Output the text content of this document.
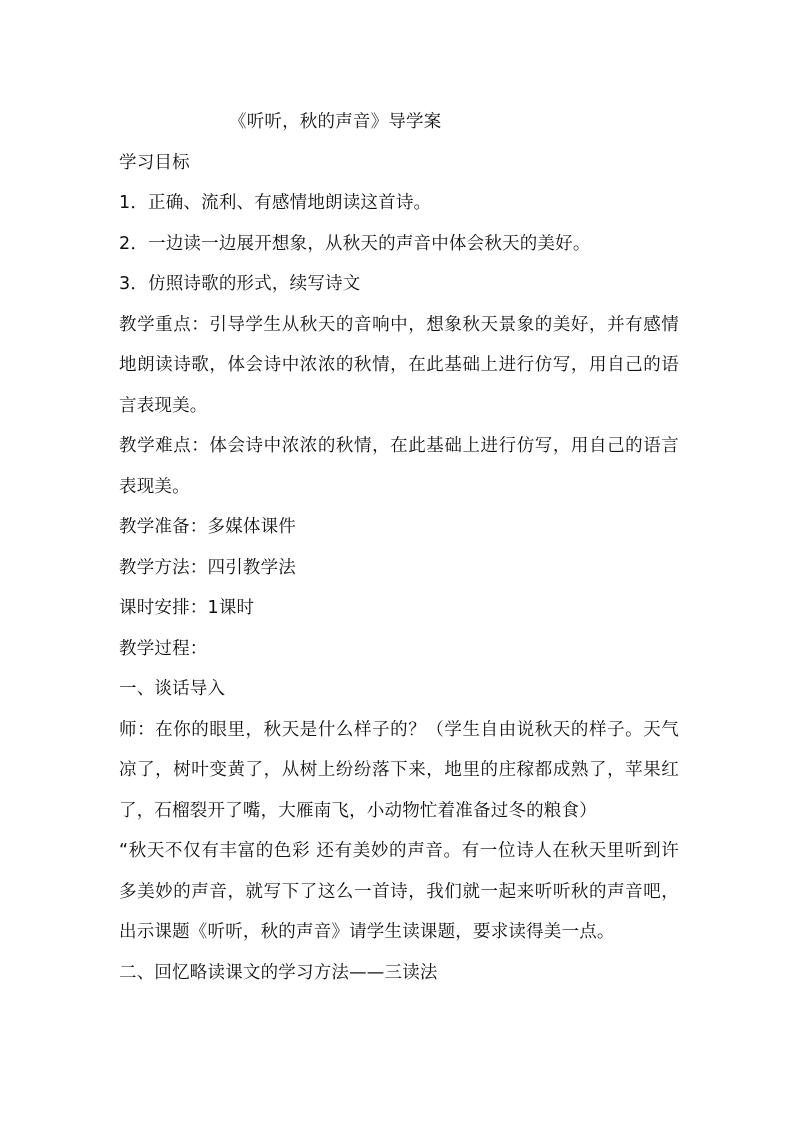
《听听，秋的声音》导学案
学习目标
1．正确、流利、有感情地朗读这首诗。
2．一边读一边展开想象，从秋天的声音中体会秋天的美好。
3．仿照诗歌的形式，续写诗文
教学重点：引导学生从秋天的音响中，想象秋天景象的美好，并有感情地朗读诗歌，体会诗中浓浓的秋情，在此基础上进行仿写，用自己的语言表现美。
教学难点：体会诗中浓浓的秋情，在此基础上进行仿写，用自己的语言表现美。
教学准备：多媒体课件
教学方法：四引教学法
课时安排：1课时
教学过程：
一、谈话导入
师：在你的眼里，秋天是什么样子的？（学生自由说秋天的样子。天气凉了，树叶变黄了，从树上纷纷落下来，地里的庄稼都成熟了，苹果红了，石榴裂开了嘴，大雁南飞，小动物忙着准备过冬的粮食）
“秋天不仅有丰富的色彩 还有美妙的声音。有一位诗人在秋天里听到许多美妙的声音，就写下了这么一首诗，我们就一起来听听秋的声音吧，出示课题《听听，秋的声音》请学生读课题，要求读得美一点。
二、回忆略读课文的学习方法——三读法
